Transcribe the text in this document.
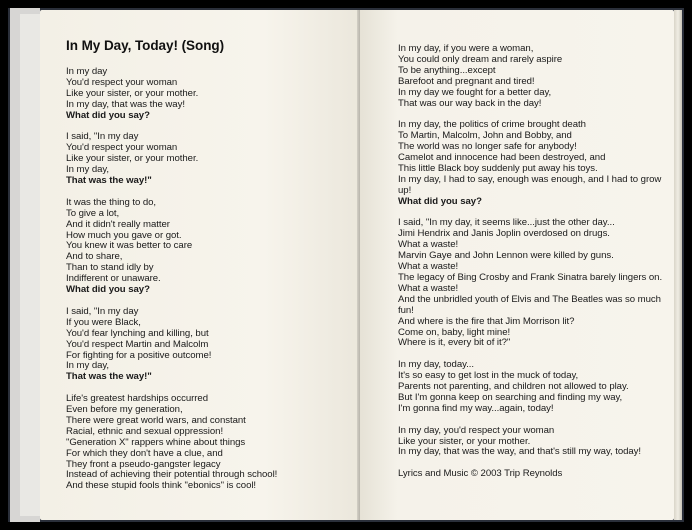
In My Day, Today! (Song)
In my day
You'd respect your woman
Like your sister, or your mother.
In my day, that was the way!
What did you say?
I said, "In my day
You'd respect your woman
Like your sister, or your mother.
In my day,
That was the way!"
It was the thing to do,
To give a lot,
And it didn't really matter
How much you gave or got.
You knew it was better to care
And to share,
Than to stand idly by
Indifferent or unaware.
What did you say?
I said, "In my day
If you were Black,
You'd fear lynching and killing, but
You'd respect Martin and Malcolm
For fighting for a positive outcome!
In my day,
That was the way!"
Life's greatest hardships occurred
Even before my generation,
There were great world wars, and constant
Racial, ethnic and sexual oppression!
"Generation X" rappers whine about things
For which they don't have a clue, and
They front a pseudo-gangster legacy
Instead of achieving their potential through school!
And these stupid fools think "ebonics" is cool!
In my day, if you were a woman,
You could only dream and rarely aspire
To be anything...except
Barefoot and pregnant and tired!
In my day we fought for a better day,
That was our way back in the day!
In my day, the politics of crime brought death
To Martin, Malcolm, John and Bobby, and
The world was no longer safe for anybody!
Camelot and innocence had been destroyed, and
This little Black boy suddenly put away his toys.
In my day, I had to say, enough was enough, and I had to grow up!
What did you say?
I said, "In my day, it seems like...just the other day...
Jimi Hendrix and Janis Joplin overdosed on drugs.
What a waste!
Marvin Gaye and John Lennon were killed by guns.
What a waste!
The legacy of Bing Crosby and Frank Sinatra barely lingers on. What a waste!
And the unbridled youth of Elvis and The Beatles was so much fun!
And where is the fire that Jim Morrison lit?
Come on, baby, light mine!
Where is it, every bit of it?"
In my day, today...
It's so easy to get lost in the muck of today,
Parents not parenting, and children not allowed to play.
But I'm gonna keep on searching and finding my way,
I'm gonna find my way...again, today!
In my day, you'd respect your woman
Like your sister, or your mother.
In my day, that was the way, and that's still my way, today!
Lyrics and Music © 2003 Trip Reynolds
